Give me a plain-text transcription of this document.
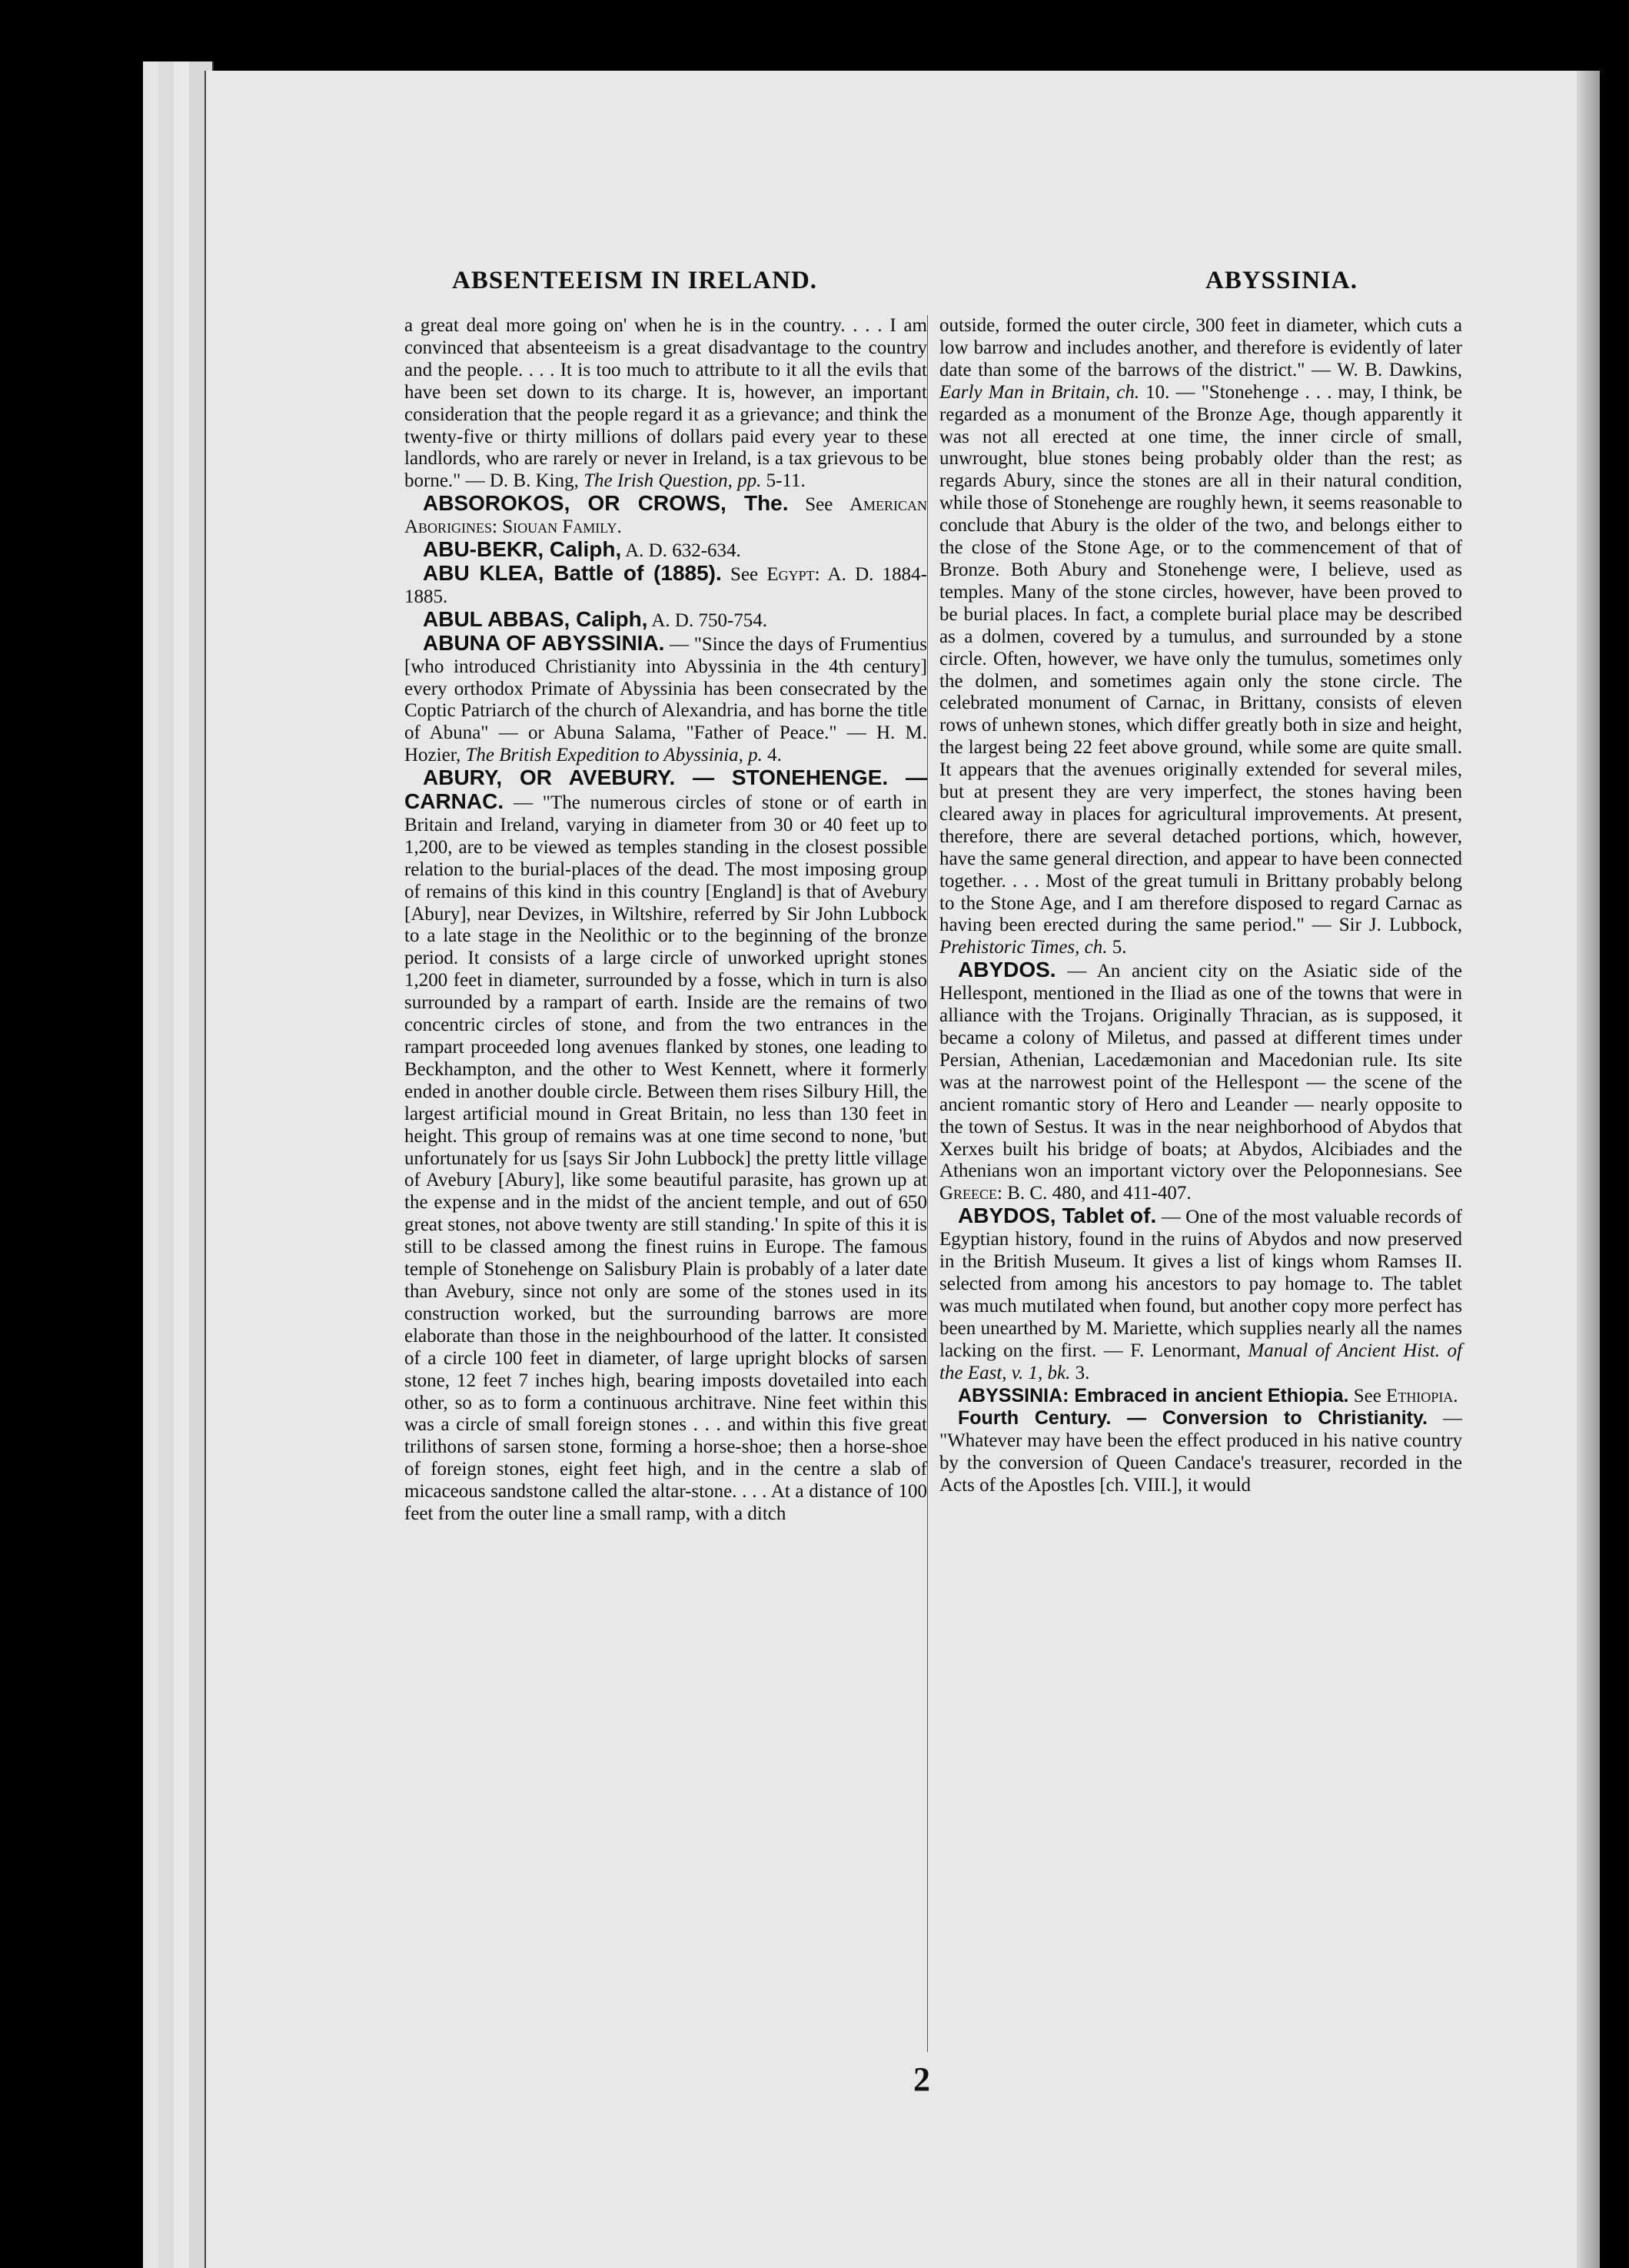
ABSENTEEISM IN IRELAND.	ABYSSINIA.

a great deal more going on' when he is in the country. . . . I am convinced that absenteeism is a great disadvantage to the country and the people. . . . It is too much to attribute to it all the evils that have been set down to its charge. It is, however, an important consideration that the people regard it as a grievance; and think the twenty-five or thirty millions of dollars paid every year to these landlords, who are rarely or never in Ireland, is a tax grievous to be borne." — D. B. King, The Irish Question, pp. 5-11.

ABSOROKOS, OR CROWS, The. See American Aborigines: Siouan Family.

ABU-BEKR, Caliph, A. D. 632-634.

ABU KLEA, Battle of (1885). See Egypt: A. D. 1884-1885.

ABUL ABBAS, Caliph, A. D. 750-754.

ABUNA OF ABYSSINIA. — "Since the days of Frumentius [who introduced Christianity into Abyssinia in the 4th century] every orthodox Primate of Abyssinia has been consecrated by the Coptic Patriarch of the church of Alexandria, and has borne the title of Abuna" — or Abuna Salama, "Father of Peace." — H. M. Hozier, The British Expedition to Abyssinia, p. 4.

ABURY, OR AVEBURY. — STONEHENGE. — CARNAC. — "The numerous circles of stone or of earth in Britain and Ireland, varying in diameter from 30 or 40 feet up to 1,200, are to be viewed as temples standing in the closest possible relation to the burial-places of the dead. The most imposing group of remains of this kind in this country [England] is that of Avebury [Abury], near Devizes, in Wiltshire, referred by Sir John Lubbock to a late stage in the Neolithic or to the beginning of the bronze period. It consists of a large circle of unworked upright stones 1,200 feet in diameter, surrounded by a fosse, which in turn is also surrounded by a rampart of earth. Inside are the remains of two concentric circles of stone, and from the two entrances in the rampart proceeded long avenues flanked by stones, one leading to Beckhampton, and the other to West Kennett, where it formerly ended in another double circle. Between them rises Silbury Hill, the largest artificial mound in Great Britain, no less than 130 feet in height. This group of remains was at one time second to none, 'but unfortunately for us [says Sir John Lubbock] the pretty little village of Avebury [Abury], like some beautiful parasite, has grown up at the expense and in the midst of the ancient temple, and out of 650 great stones, not above twenty are still standing.' In spite of this it is still to be classed among the finest ruins in Europe. The famous temple of Stonehenge on Salisbury Plain is probably of a later date than Avebury, since not only are some of the stones used in its construction worked, but the surrounding barrows are more elaborate than those in the neighbourhood of the latter. It consisted of a circle 100 feet in diameter, of large upright blocks of sarsen stone, 12 feet 7 inches high, bearing imposts dovetailed into each other, so as to form a continuous architrave. Nine feet within this was a circle of small foreign stones . . . and within this five great trilithons of sarsen stone, forming a horse-shoe; then a horse-shoe of foreign stones, eight feet high, and in the centre a slab of micaceous sandstone called the altar-stone. . . . At a distance of 100 feet from the outer line a small ramp, with a ditch

outside, formed the outer circle, 300 feet in diameter, which cuts a low barrow and includes another, and therefore is evidently of later date than some of the barrows of the district." — W. B. Dawkins, Early Man in Britain, ch. 10. — "Stonehenge . . . may, I think, be regarded as a monument of the Bronze Age, though apparently it was not all erected at one time, the inner circle of small, unwrought, blue stones being probably older than the rest; as regards Abury, since the stones are all in their natural condition, while those of Stonehenge are roughly hewn, it seems reasonable to conclude that Abury is the older of the two, and belongs either to the close of the Stone Age, or to the commencement of that of Bronze. Both Abury and Stonehenge were, I believe, used as temples. Many of the stone circles, however, have been proved to be burial places. In fact, a complete burial place may be described as a dolmen, covered by a tumulus, and surrounded by a stone circle. Often, however, we have only the tumulus, sometimes only the dolmen, and sometimes again only the stone circle. The celebrated monument of Carnac, in Brittany, consists of eleven rows of unhewn stones, which differ greatly both in size and height, the largest being 22 feet above ground, while some are quite small. It appears that the avenues originally extended for several miles, but at present they are very imperfect, the stones having been cleared away in places for agricultural improvements. At present, therefore, there are several detached portions, which, however, have the same general direction, and appear to have been connected together. . . . Most of the great tumuli in Brittany probably belong to the Stone Age, and I am therefore disposed to regard Carnac as having been erected during the same period." — Sir J. Lubbock, Prehistoric Times, ch. 5.

ABYDOS. — An ancient city on the Asiatic side of the Hellespont, mentioned in the Iliad as one of the towns that were in alliance with the Trojans. Originally Thracian, as is supposed, it became a colony of Miletus, and passed at different times under Persian, Athenian, Lacedæmonian and Macedonian rule. Its site was at the narrowest point of the Hellespont — the scene of the ancient romantic story of Hero and Leander — nearly opposite to the town of Sestus. It was in the near neighborhood of Abydos that Xerxes built his bridge of boats; at Abydos, Alcibiades and the Athenians won an important victory over the Peloponnesians. See Greece: B. C. 480, and 411-407.

ABYDOS, Tablet of. — One of the most valuable records of Egyptian history, found in the ruins of Abydos and now preserved in the British Museum. It gives a list of kings whom Ramses II. selected from among his ancestors to pay homage to. The tablet was much mutilated when found, but another copy more perfect has been unearthed by M. Mariette, which supplies nearly all the names lacking on the first. — F. Lenormant, Manual of Ancient Hist. of the East, v. 1, bk. 3.

ABYSSINIA: Embraced in ancient Ethiopia. See Ethiopia.

Fourth Century. — Conversion to Christianity. — "Whatever may have been the effect produced in his native country by the conversion of Queen Candace's treasurer, recorded in the Acts of the Apostles [ch. VIII.], it would

2
